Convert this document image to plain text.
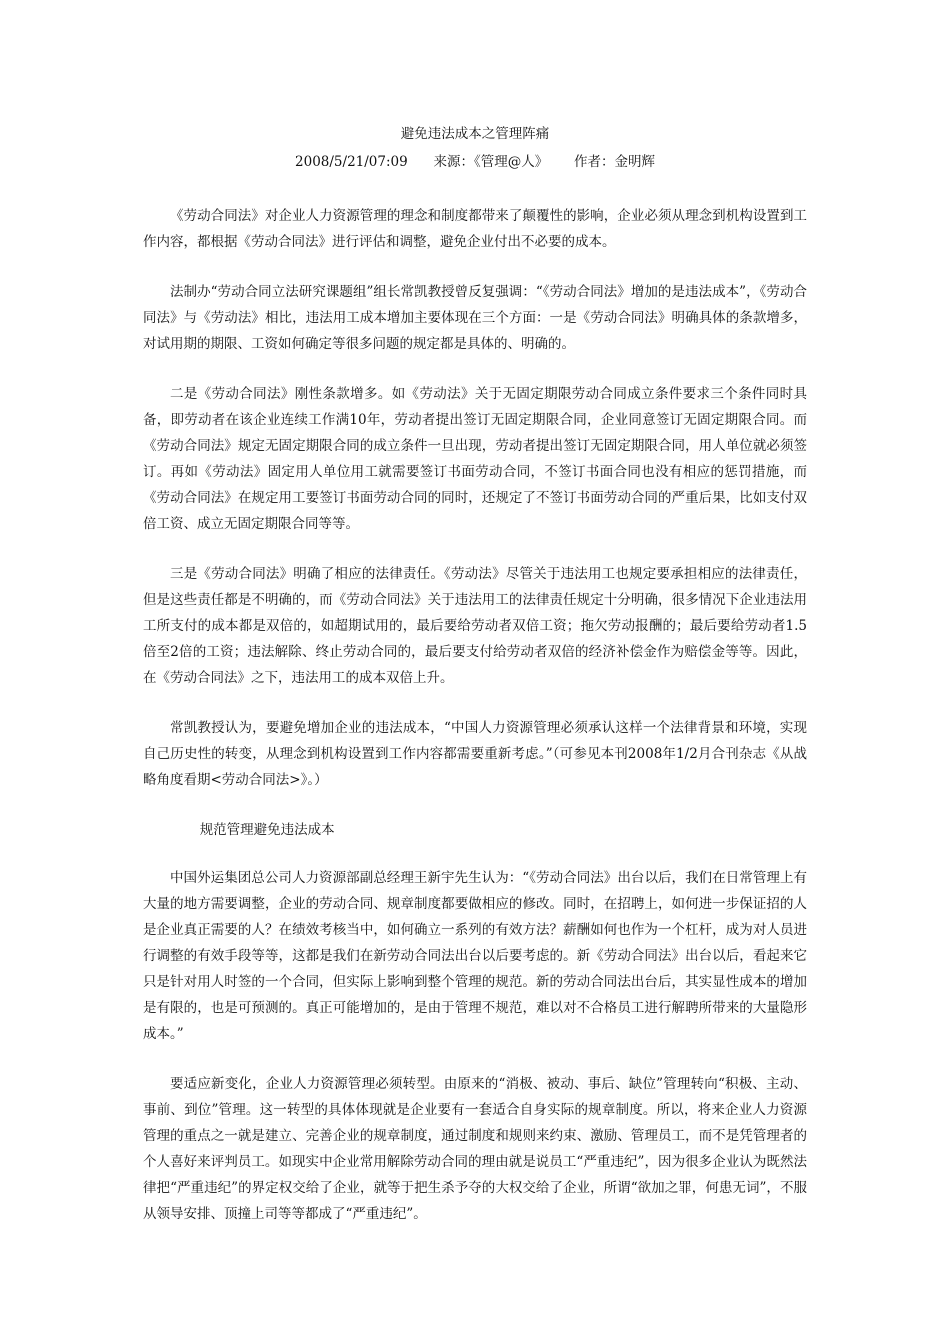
避免违法成本之管理阵痛
2008/5/21/07:09 来源：《管理@人》 作者：金明辉

《劳动合同法》对企业人力资源管理的理念和制度都带来了颠覆性的影响，企业必须从理念到机构设置到工作内容，都根据《劳动合同法》进行评估和调整，避免企业付出不必要的成本。

法制办“劳动合同立法研究课题组”组长常凯教授曾反复强调：“《劳动合同法》增加的是违法成本”，《劳动合同法》与《劳动法》相比，违法用工成本增加主要体现在三个方面：一是《劳动合同法》明确具体的条款增多，对试用期的期限、工资如何确定等很多问题的规定都是具体的、明确的。

二是《劳动合同法》刚性条款增多。如《劳动法》关于无固定期限劳动合同成立条件要求三个条件同时具备，即劳动者在该企业连续工作满10年，劳动者提出签订无固定期限合同，企业同意签订无固定期限合同。而《劳动合同法》规定无固定期限合同的成立条件一旦出现，劳动者提出签订无固定期限合同，用人单位就必须签订。再如《劳动法》固定用人单位用工就需要签订书面劳动合同，不签订书面合同也没有相应的惩罚措施，而《劳动合同法》在规定用工要签订书面劳动合同的同时，还规定了不签订书面劳动合同的严重后果，比如支付双倍工资、成立无固定期限合同等等。

三是《劳动合同法》明确了相应的法律责任。《劳动法》尽管关于违法用工也规定要承担相应的法律责任，但是这些责任都是不明确的，而《劳动合同法》关于违法用工的法律责任规定十分明确，很多情况下企业违法用工所支付的成本都是双倍的，如超期试用的，最后要给劳动者双倍工资；拖欠劳动报酬的；最后要给劳动者1.5倍至2倍的工资；违法解除、终止劳动合同的，最后要支付给劳动者双倍的经济补偿金作为赔偿金等等。因此，在《劳动合同法》之下，违法用工的成本双倍上升。

常凯教授认为，要避免增加企业的违法成本，“中国人力资源管理必须承认这样一个法律背景和环境，实现自己历史性的转变，从理念到机构设置到工作内容都需要重新考虑。”（可参见本刊2008年1/2月合刊杂志《从战略角度看期<劳动合同法>》。）

规范管理避免违法成本

中国外运集团总公司人力资源部副总经理王新宇先生认为：“《劳动合同法》出台以后，我们在日常管理上有大量的地方需要调整，企业的劳动合同、规章制度都要做相应的修改。同时，在招聘上，如何进一步保证招的人是企业真正需要的人？在绩效考核当中，如何确立一系列的有效方法？薪酬如何也作为一个杠杆，成为对人员进行调整的有效手段等等，这都是我们在新劳动合同法出台以后要考虑的。新《劳动合同法》出台以后，看起来它只是针对用人时签的一个合同，但实际上影响到整个管理的规范。新的劳动合同法出台后，其实显性成本的增加是有限的，也是可预测的。真正可能增加的，是由于管理不规范，难以对不合格员工进行解聘所带来的大量隐形成本。”

要适应新变化，企业人力资源管理必须转型。由原来的“消极、被动、事后、缺位”管理转向“积极、主动、事前、到位”管理。这一转型的具体体现就是企业要有一套适合自身实际的规章制度。所以，将来企业人力资源管理的重点之一就是建立、完善企业的规章制度，通过制度和规则来约束、激励、管理员工，而不是凭管理者的个人喜好来评判员工。如现实中企业常用解除劳动合同的理由就是说员工“严重违纪”，因为很多企业认为既然法律把“严重违纪”的界定权交给了企业，就等于把生杀予夺的大权交给了企业，所谓“欲加之罪，何患无词”，不服从领导安排、顶撞上司等等都成了“严重违纪”。
